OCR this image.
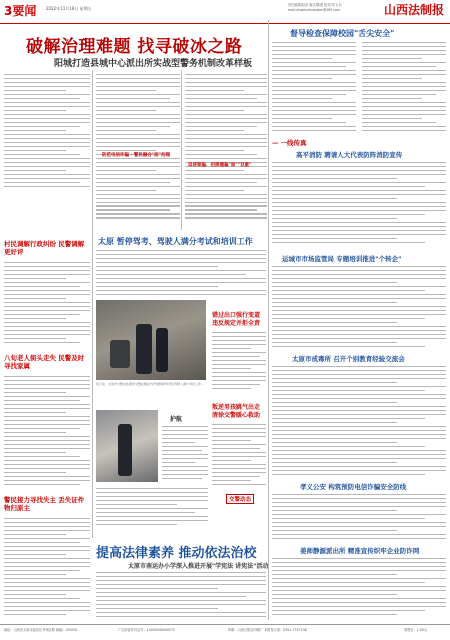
3要闻 2022年11月18日 星期五
责任编辑/赵泽 版式/陈燕 校对/刘飞 E-mail:xinwenzhuanban@163.com	山西法制报
破解治理难题 找寻破冰之路
阳城打造县城中心派出所实战型警务机制改革样板
防范电信诈骗 · 警民融合"面"治理
追逐欺骗、招摇撞骗"面""双重"
村民调解行政纠纷 民警调解更好评
八旬老人街头走失 民警及时寻找家属
警民接力寻找失主 丢失证件物归原主
太原 暂停驾考、驾驶人满分考试和培训工作
连日来，太原市交警支队组织交警在辖区内开展暂停驾考及驾驶人满分考试工作...
错过出口强行变道 违反规定并拒全责
护航
叛逆男孩跳气出走 清徐交警暖心救助
交警动态
提高法律素养 推动依法治校
太原市南运办小学深入推进开展"学宪法 讲宪法"活动
督导检查保障校园"舌尖安全"
— 一线传真
高平消防 聘请人大代表防阵消防宣传
运城市市场监管局 专题培训推进"个转企"
太原市戒毒所 召开个别教育经验交流会
孝义公安 构筑预防电信诈骗安全防线
姜师静源派出所 精准宣传织牢企业防诈网
地址：山西省太原市迎泽区并州北路 邮编：030001	广告经营许可证号：14000040000072	印刷：山西日报社印刷厂 本报发行部：0351-7747238	零售价：1.00元
